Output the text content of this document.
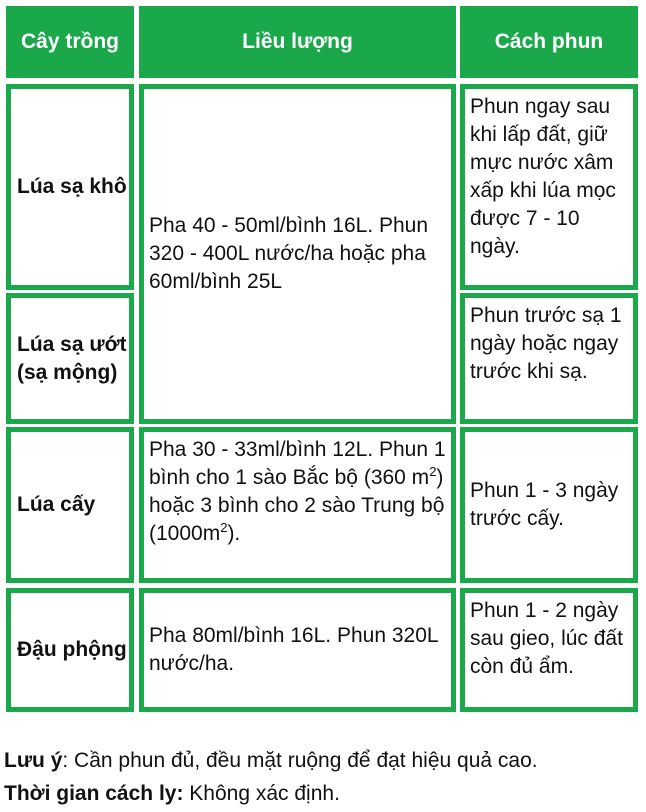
Cây trồng	Liều lượng	Cách phun
Lúa sạ khô
Phun ngay sau khi lấp đất, giữ mực nước xâm xấp khi lúa mọc được 7 - 10 ngày.
Pha 40 - 50ml/bình 16L. Phun 320 - 400L nước/ha hoặc pha 60ml/bình 25L
Lúa sạ ướt (sạ mộng)
Phun trước sạ 1 ngày hoặc ngay trước khi sạ.
Lúa cấy
Pha 30 - 33ml/bình 12L. Phun 1 bình cho 1 sào Bắc bộ (360 $m^2$) hoặc 3 bình cho 2 sào Trung bộ $(1000m^2)$.
Phun 1 - 3 ngày trước cấy.
Đậu phộng
Pha 80ml/bình 16L. Phun 320L nước/ha.
Phun 1 - 2 ngày sau gieo, lúc đất còn đủ ẩm.
Lưu ý: Cần phun đủ, đều mặt ruộng để đạt hiệu quả cao.
Thời gian cách ly: Không xác định.
